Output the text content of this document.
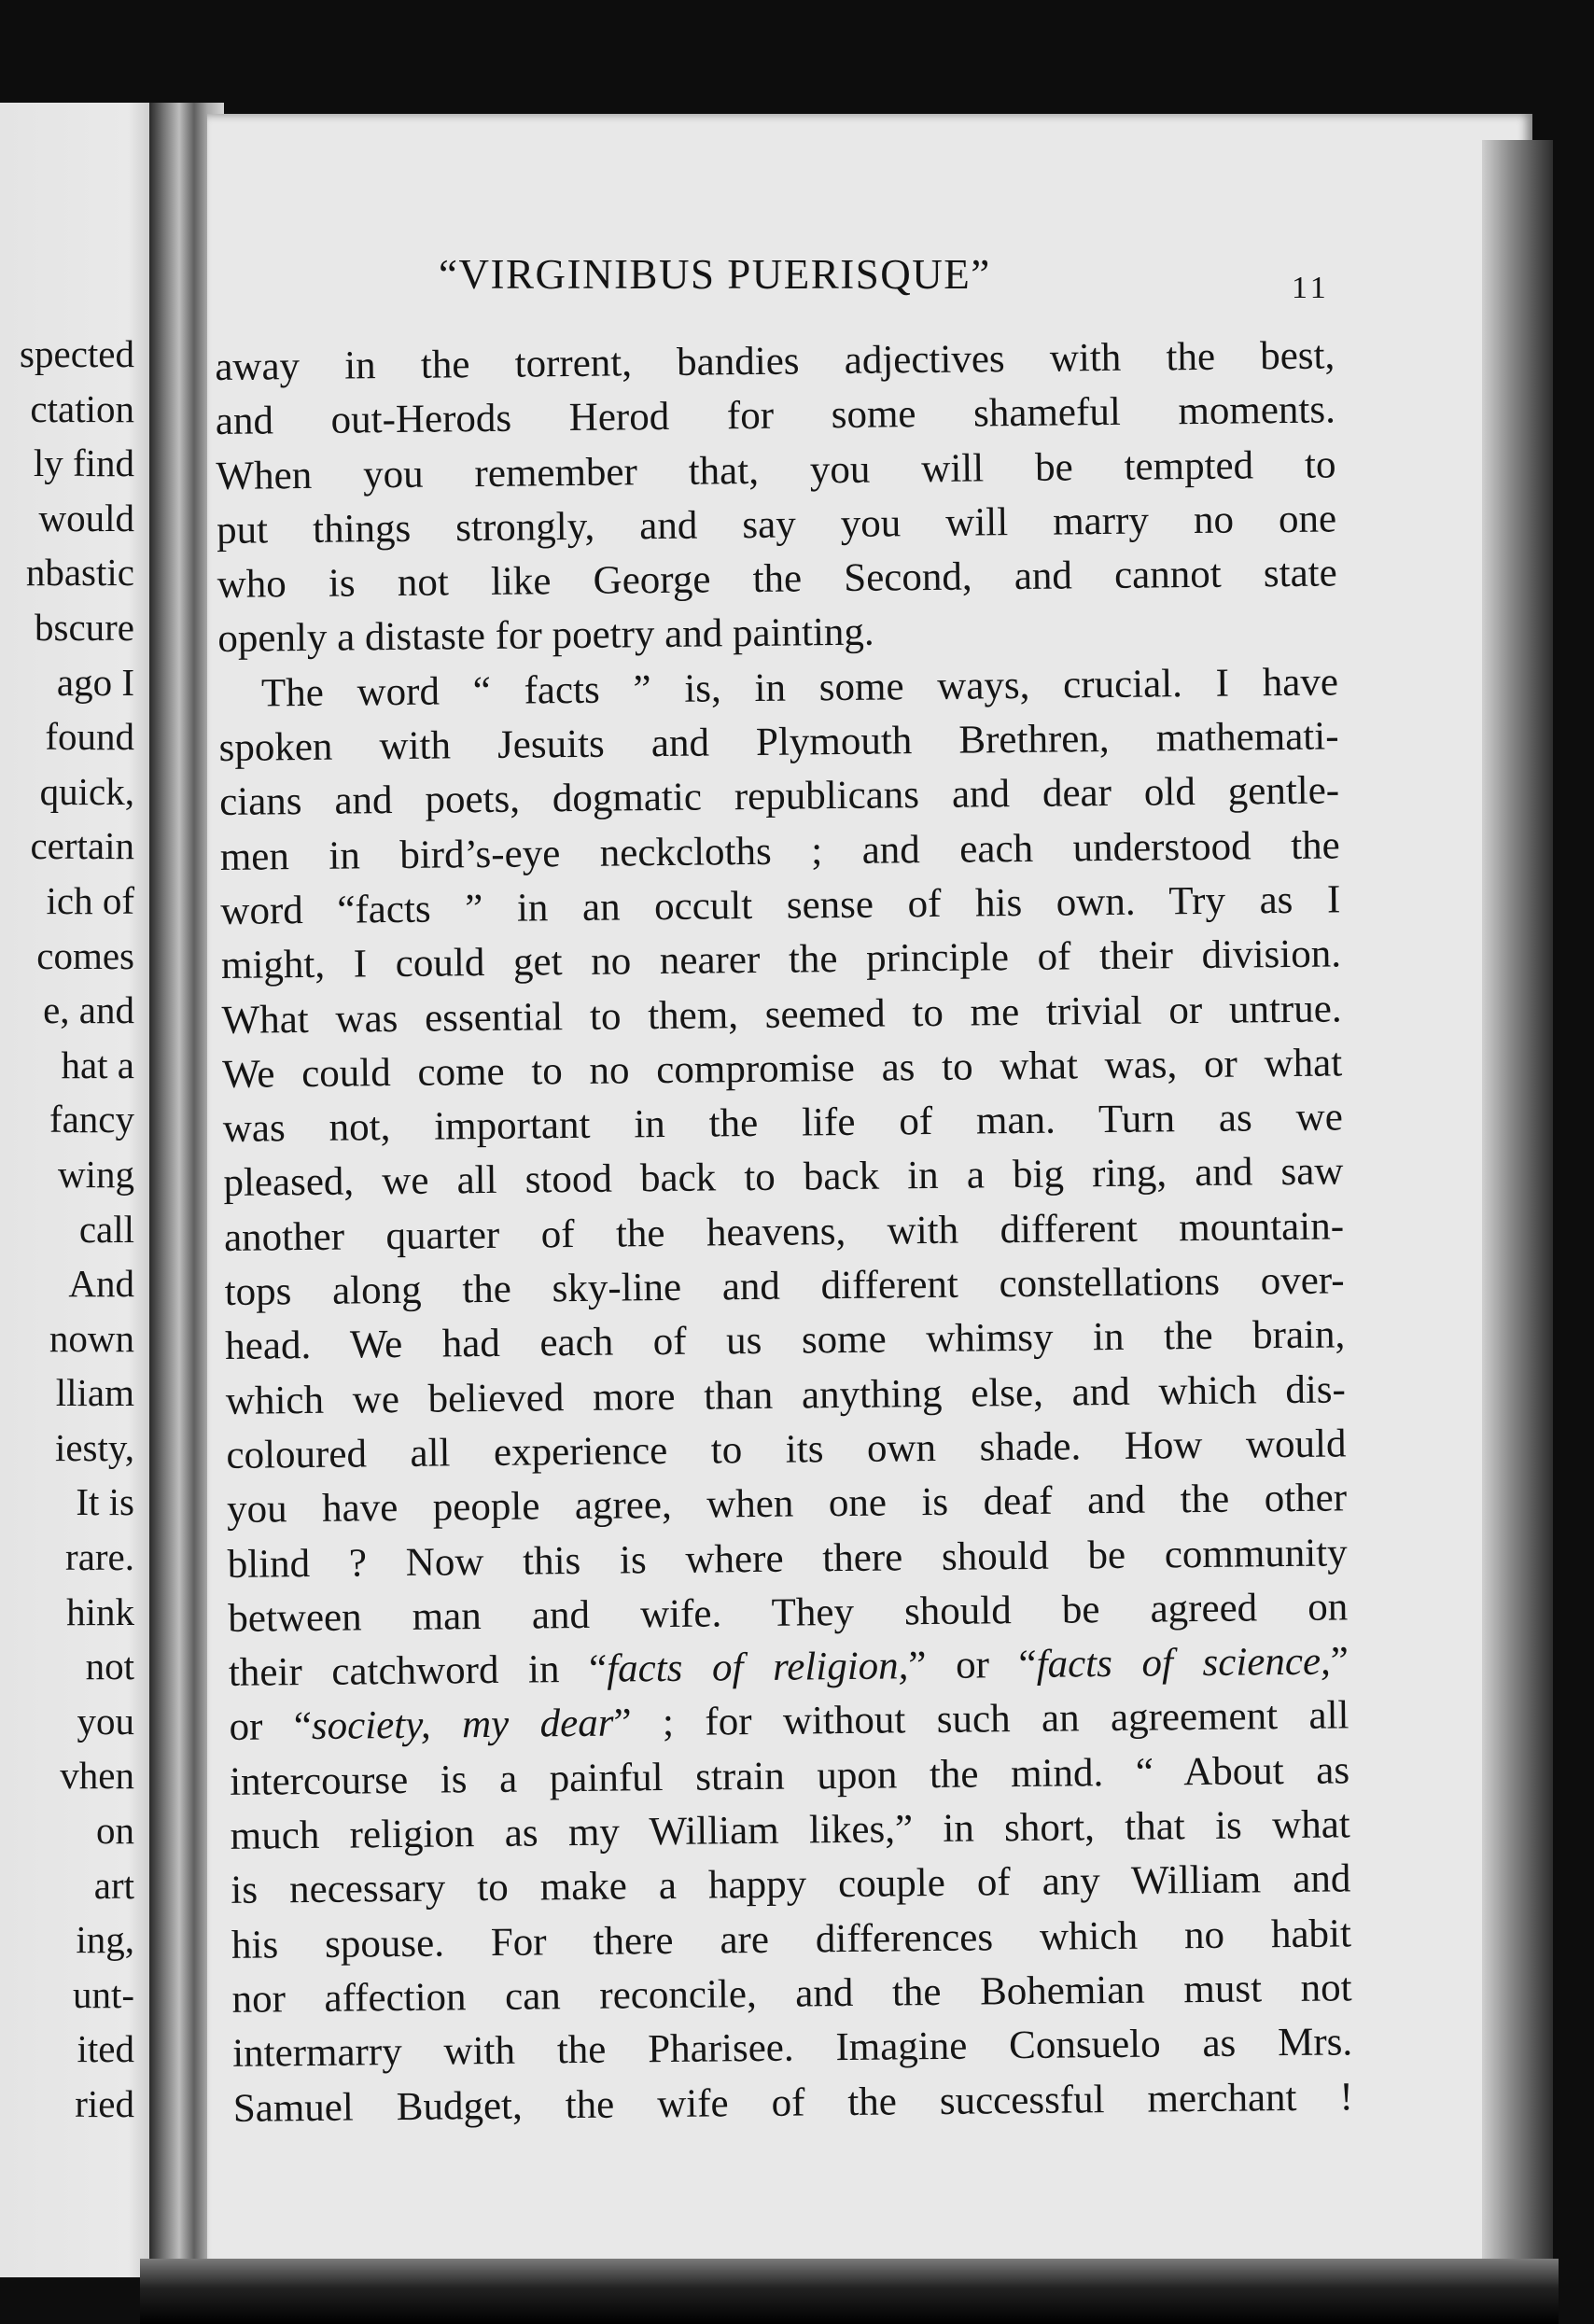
spected
ctation
ly find
would
nbastic
bscure
ago I
found
quick,
certain
ich of
comes
e, and
hat a
fancy
wing
call
And
nown
lliam
iesty,
It is
rare.
hink
not
you
vhen
on
art
ing,
unt-
ited
ried
“VIRGINIBUS PUERISQUE”	11
away in the torrent, bandies adjectives with the best,
and out-Herods Herod for some shameful moments.
When you remember that, you will be tempted to
put things strongly, and say you will marry no one
who is not like George the Second, and cannot state
openly a distaste for poetry and painting.
The word “ facts ” is, in some ways, crucial. I have
spoken with Jesuits and Plymouth Brethren, mathemati-
cians and poets, dogmatic republicans and dear old gentle-
men in bird’s-eye neckcloths ; and each understood the
word “facts ” in an occult sense of his own. Try as I
might, I could get no nearer the principle of their division.
What was essential to them, seemed to me trivial or untrue.
We could come to no compromise as to what was, or what
was not, important in the life of man. Turn as we
pleased, we all stood back to back in a big ring, and saw
another quarter of the heavens, with different mountain-
tops along the sky-line and different constellations over-
head. We had each of us some whimsy in the brain,
which we believed more than anything else, and which dis-
coloured all experience to its own shade. How would
you have people agree, when one is deaf and the other
blind ? Now this is where there should be community
between man and wife. They should be agreed on
their catchword in “facts of religion,” or “facts of science,”
or “society, my dear” ; for without such an agreement all
intercourse is a painful strain upon the mind. “ About as
much religion as my William likes,” in short, that is what
is necessary to make a happy couple of any William and
his spouse. For there are differences which no habit
nor affection can reconcile, and the Bohemian must not
intermarry with the Pharisee. Imagine Consuelo as Mrs.
Samuel Budget, the wife of the successful merchant !
